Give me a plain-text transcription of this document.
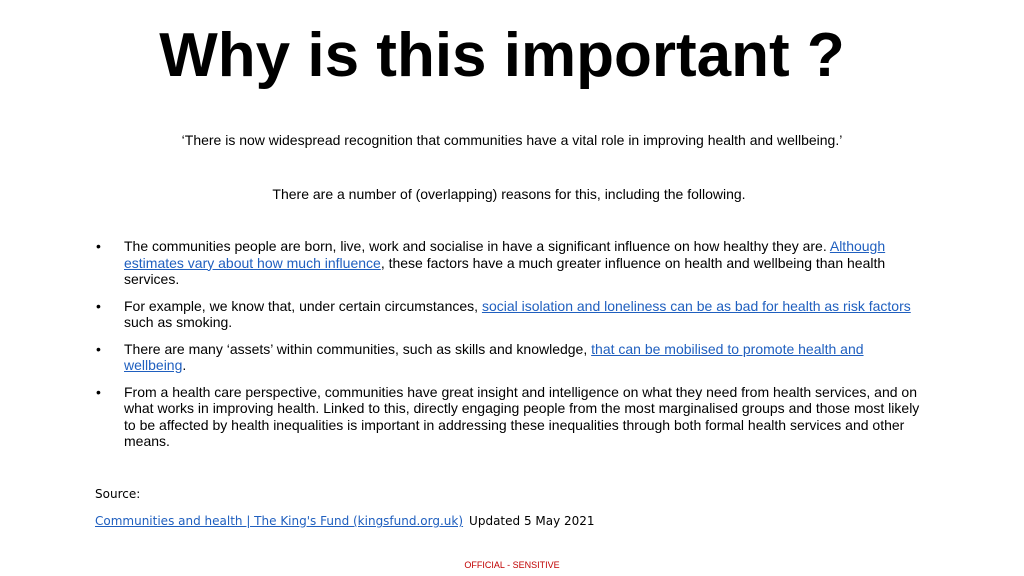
Why is this important ?

‘There is now widespread recognition that communities have a vital role in improving health and wellbeing.’

There are a number of (overlapping) reasons for this, including the following.

• The communities people are born, live, work and socialise in have a significant influence on how healthy they are. Although estimates vary about how much influence, these factors have a much greater influence on health and wellbeing than health services.
• For example, we know that, under certain circumstances, social isolation and loneliness can be as bad for health as risk factors such as smoking.
• There are many ‘assets’ within communities, such as skills and knowledge, that can be mobilised to promote health and wellbeing.
• From a health care perspective, communities have great insight and intelligence on what they need from health services, and on what works in improving health. Linked to this, directly engaging people from the most marginalised groups and those most likely to be affected by health inequalities is important in addressing these inequalities through both formal health services and other means.

Source:

Communities and health | The King's Fund (kingsfund.org.uk) Updated 5 May 2021

OFFICIAL - SENSITIVE
